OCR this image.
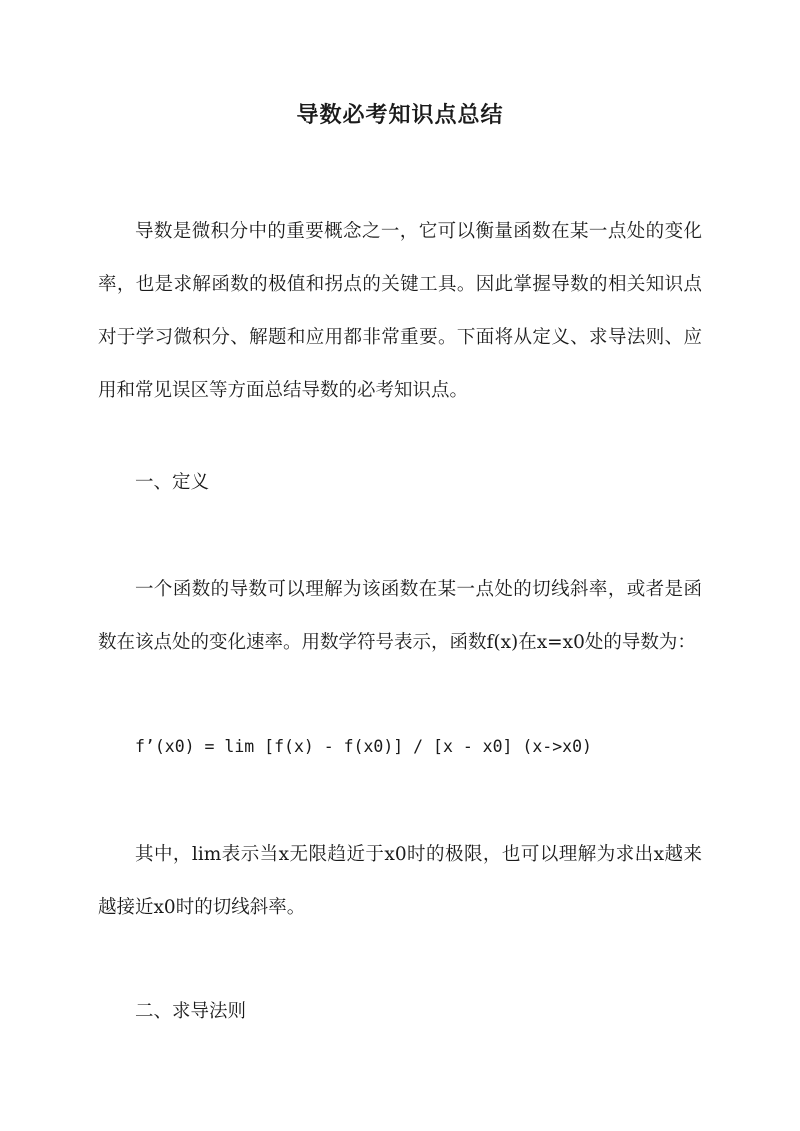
导数必考知识点总结

导数是微积分中的重要概念之一，它可以衡量函数在某一点处的变化率，也是求解函数的极值和拐点的关键工具。因此掌握导数的相关知识点对于学习微积分、解题和应用都非常重要。下面将从定义、求导法则、应用和常见误区等方面总结导数的必考知识点。

一、定义

一个函数的导数可以理解为该函数在某一点处的切线斜率，或者是函数在该点处的变化速率。用数学符号表示，函数f(x)在x=x0处的导数为：

f’(x0) = lim [f(x) - f(x0)] / [x - x0] (x->x0)

其中，lim表示当x无限趋近于x0时的极限，也可以理解为求出x越来越接近x0时的切线斜率。

二、求导法则
